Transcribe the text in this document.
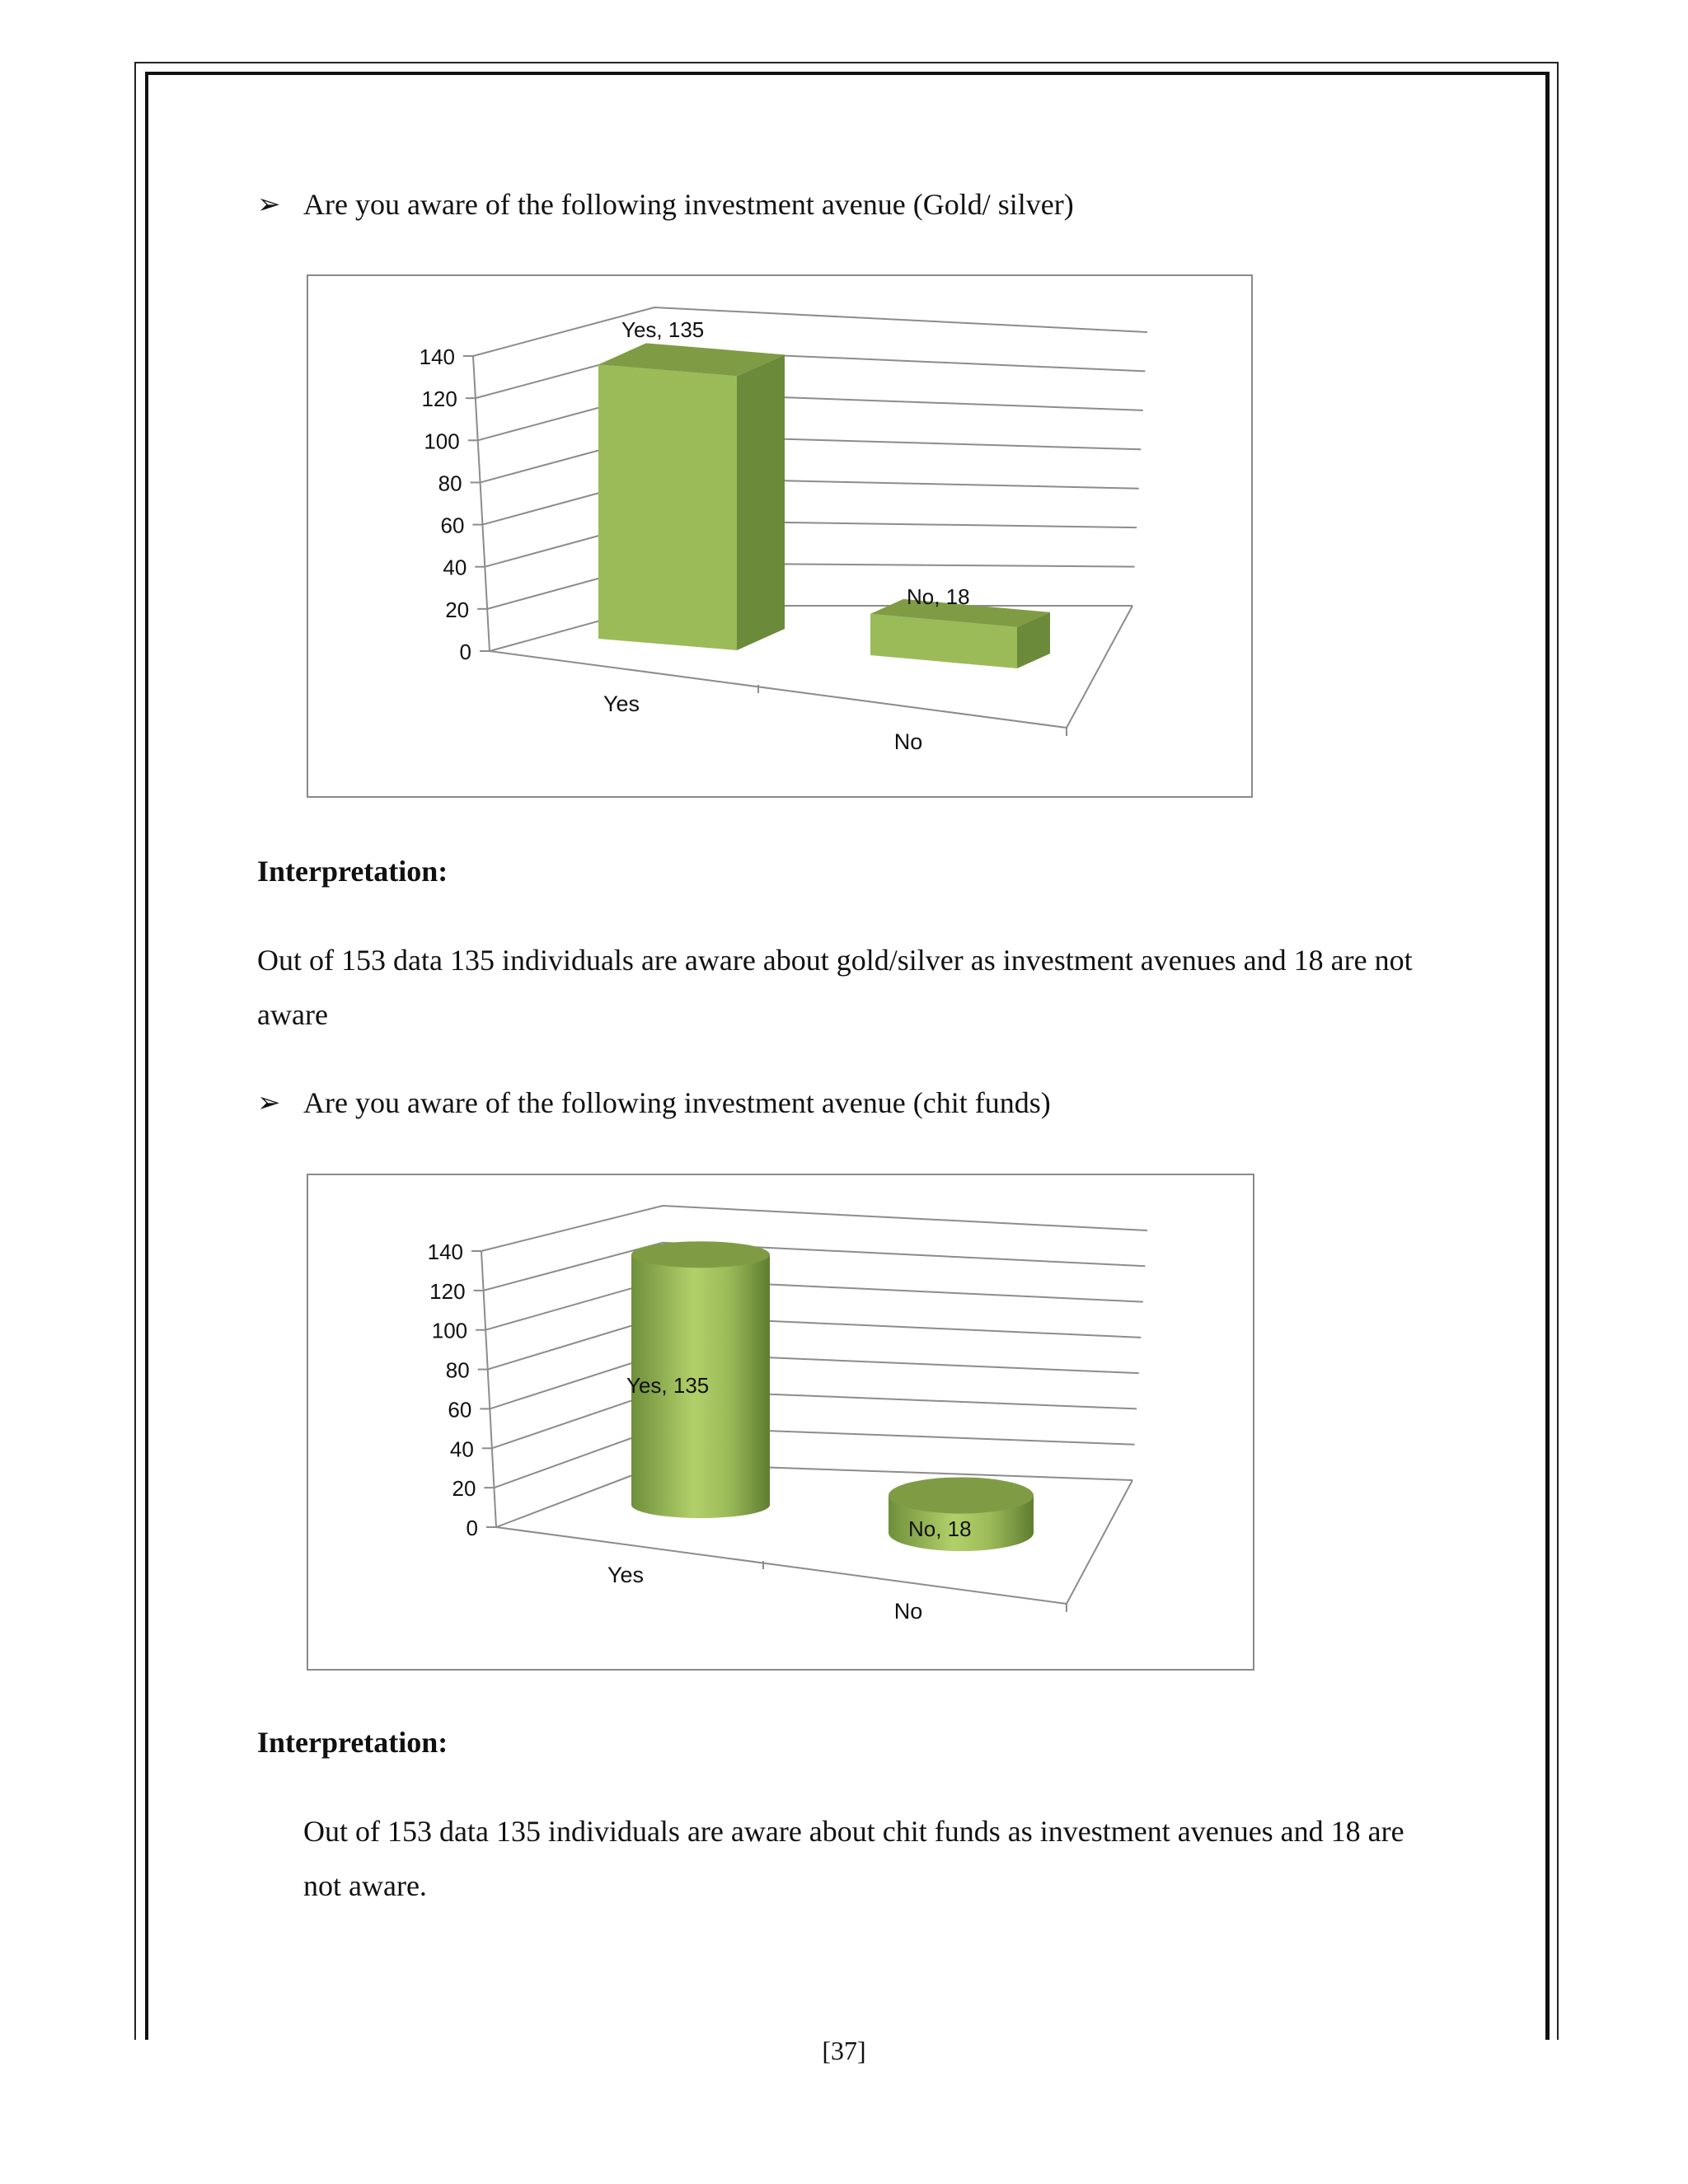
➢ Are you aware of the following investment avenue (Gold/ silver)
0
20
40
60
80
100
120
140
Yes, 135
Yes
No, 18
No
Interpretation:
Out of 153 data 135 individuals are aware about gold/silver as investment avenues and 18 are not aware
➢ Are you aware of the following investment avenue (chit funds)
0
20
40
60
80
100
120
140
Yes, 135
Yes
No, 18
No
Interpretation:
Out of 153 data 135 individuals are aware about chit funds as investment avenues and 18 are not aware.
[37]
